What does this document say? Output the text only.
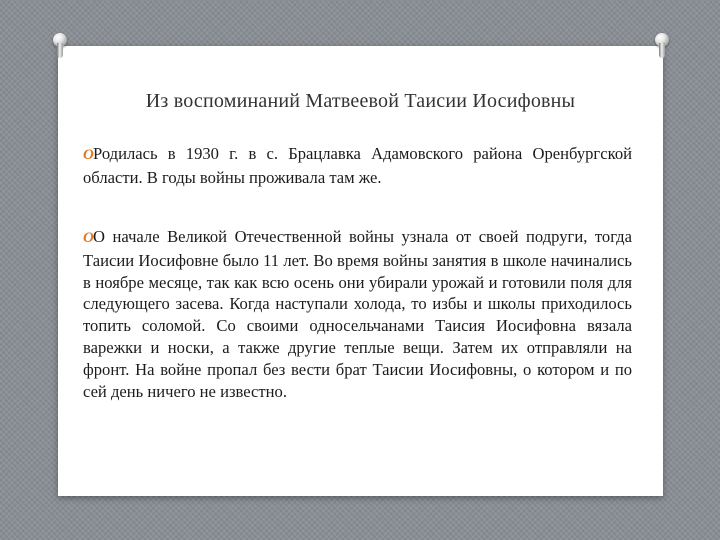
Из воспоминаний Матвеевой Таисии Иосифовны
OРодилась в 1930 г. в с. Брацлавка Адамовского района Оренбургской области. В годы войны проживала там же.
OО начале Великой Отечественной войны узнала от своей подруги, тогда Таисии Иосифовне было 11 лет. Во время войны занятия в школе начинались в ноябре месяце, так как всю осень они убирали урожай и готовили поля для следующего засева. Когда наступали холода, то избы и школы приходилось топить соломой. Со своими односельчанами Таисия Иосифовна вязала варежки и носки, а также другие теплые вещи. Затем их отправляли на фронт. На войне пропал без вести брат Таисии Иосифовны, о котором и по сей день ничего не известно.
